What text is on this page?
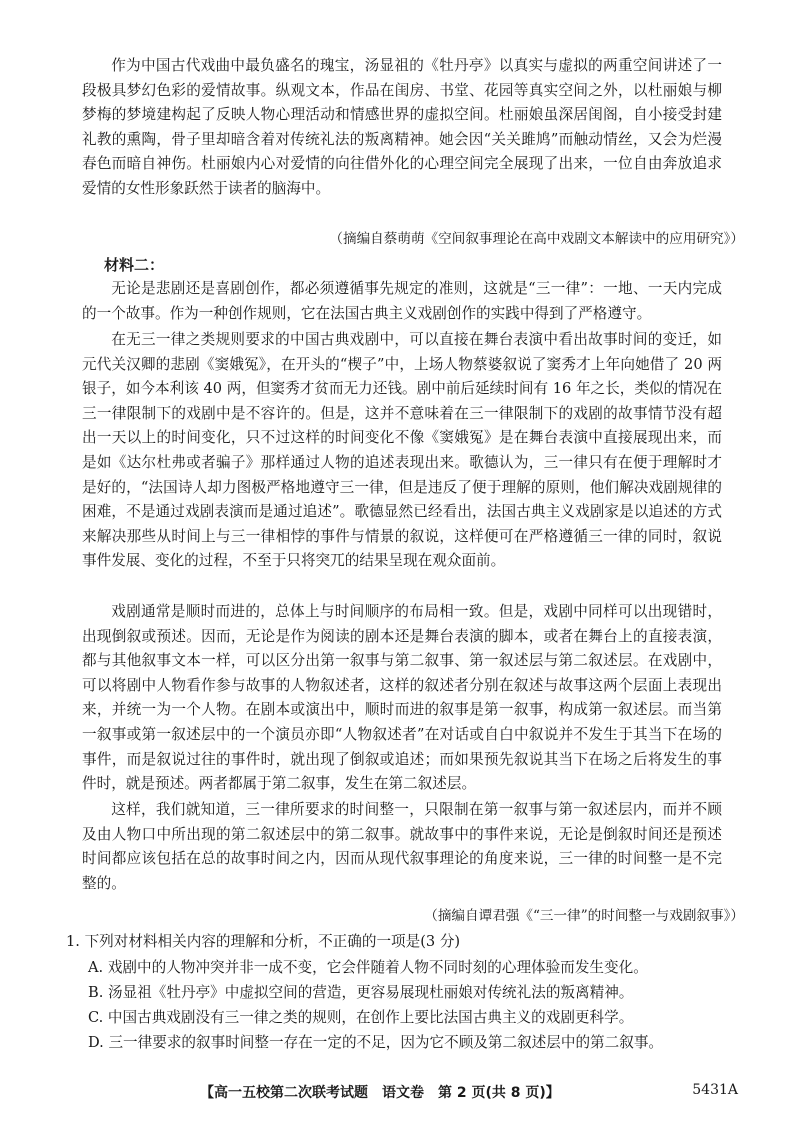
作为中国古代戏曲中最负盛名的瑰宝，汤显祖的《牡丹亭》以真实与虚拟的两重空间讲述了一段极具梦幻色彩的爱情故事。纵观文本，作品在闺房、书堂、花园等真实空间之外，以杜丽娘与柳梦梅的梦境建构起了反映人物心理活动和情感世界的虚拟空间。杜丽娘虽深居闺阁，自小接受封建礼教的熏陶，骨子里却暗含着对传统礼法的叛离精神。她会因“关关雎鸠”而触动情丝，又会为烂漫春色而暗自神伤。杜丽娘内心对爱情的向往借外化的心理空间完全展现了出来，一位自由奔放追求爱情的女性形象跃然于读者的脑海中。

（摘编自蔡萌萌《空间叙事理论在高中戏剧文本解读中的应用研究》）

材料二：

无论是悲剧还是喜剧创作，都必须遵循事先规定的准则，这就是“三一律”：一地、一天内完成的一个故事。作为一种创作规则，它在法国古典主义戏剧创作的实践中得到了严格遵守。

在无三一律之类规则要求的中国古典戏剧中，可以直接在舞台表演中看出故事时间的变迁，如元代关汉卿的悲剧《窦娥冤》，在开头的“楔子”中，上场人物蔡婆叙说了窦秀才上年向她借了 20 两银子，如今本利该 40 两，但窦秀才贫而无力还钱。剧中前后延续时间有 16 年之长，类似的情况在三一律限制下的戏剧中是不容许的。但是，这并不意味着在三一律限制下的戏剧的故事情节没有超出一天以上的时间变化，只不过这样的时间变化不像《窦娥冤》是在舞台表演中直接展现出来，而是如《达尔杜弗或者骗子》那样通过人物的追述表现出来。歌德认为，三一律只有在便于理解时才是好的，“法国诗人却力图极严格地遵守三一律，但是违反了便于理解的原则，他们解决戏剧规律的困难，不是通过戏剧表演而是通过追述”。歌德显然已经看出，法国古典主义戏剧家是以追述的方式来解决那些从时间上与三一律相悖的事件与情景的叙说，这样便可在严格遵循三一律的同时，叙说事件发展、变化的过程，不至于只将突兀的结果呈现在观众面前。

戏剧通常是顺时而进的，总体上与时间顺序的布局相一致。但是，戏剧中同样可以出现错时，出现倒叙或预述。因而，无论是作为阅读的剧本还是舞台表演的脚本，或者在舞台上的直接表演，都与其他叙事文本一样，可以区分出第一叙事与第二叙事、第一叙述层与第二叙述层。在戏剧中，可以将剧中人物看作参与故事的人物叙述者，这样的叙述者分别在叙述与故事这两个层面上表现出来，并统一为一个人物。在剧本或演出中，顺时而进的叙事是第一叙事，构成第一叙述层。而当第一叙事或第一叙述层中的一个演员亦即“人物叙述者”在对话或自白中叙说并不发生于其当下在场的事件，而是叙说过往的事件时，就出现了倒叙或追述；而如果预先叙说其当下在场之后将发生的事件时，就是预述。两者都属于第二叙事，发生在第二叙述层。

这样，我们就知道，三一律所要求的时间整一，只限制在第一叙事与第一叙述层内，而并不顾及由人物口中所出现的第二叙述层中的第二叙事。就故事中的事件来说，无论是倒叙时间还是预述时间都应该包括在总的故事时间之内，因而从现代叙事理论的角度来说，三一律的时间整一是不完整的。

（摘编自谭君强《“三一律”的时间整一与戏剧叙事》）

1. 下列对材料相关内容的理解和分析，不正确的一项是(3 分)

A. 戏剧中的人物冲突并非一成不变，它会伴随着人物不同时刻的心理体验而发生变化。

B. 汤显祖《牡丹亭》中虚拟空间的营造，更容易展现杜丽娘对传统礼法的叛离精神。

C. 中国古典戏剧没有三一律之类的规则，在创作上要比法国古典主义的戏剧更科学。

D. 三一律要求的叙事时间整一存在一定的不足，因为它不顾及第二叙述层中的第二叙事。

【高一五校第二次联考试题　语文卷　第 2 页(共 8 页)】	5431A
